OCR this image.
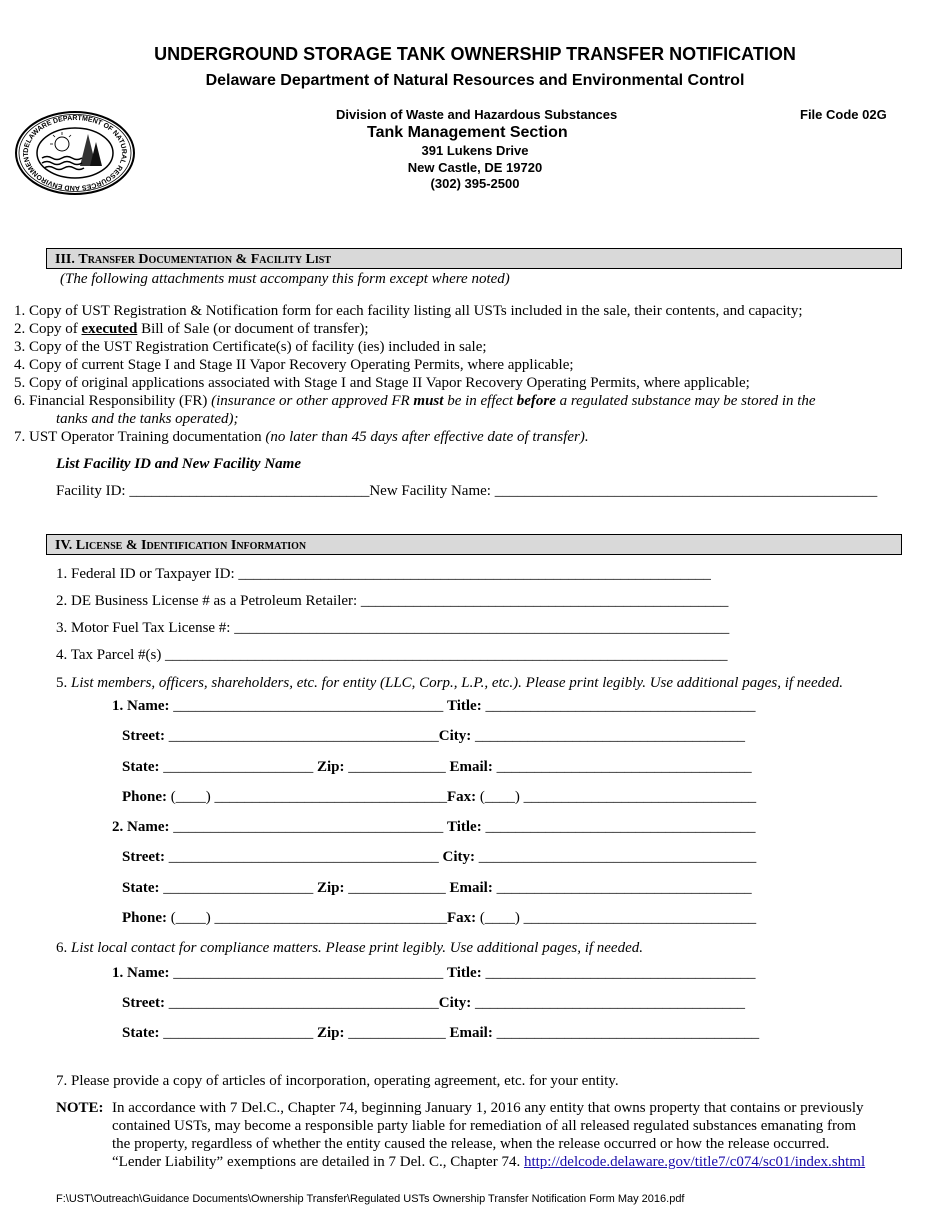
UNDERGROUND STORAGE TANK OWNERSHIP TRANSFER NOTIFICATION
Delaware Department of Natural Resources and Environmental Control
DELAWARE DEPARTMENT OF NATURAL RESOURCES AND ENVIRONMENT
Division of Waste and Hazardous Substances	File Code 02G
Tank Management Section
391 Lukens Drive
New Castle, DE 19720
(302) 395-2500
III. Transfer Documentation & Facility List
(The following attachments must accompany this form except where noted)
1. Copy of UST Registration & Notification form for each facility listing all USTs included in the sale, their contents, and capacity;
2. Copy of executed Bill of Sale (or document of transfer);
3. Copy of the UST Registration Certificate(s) of facility (ies) included in sale;
4. Copy of current Stage I and Stage II Vapor Recovery Operating Permits, where applicable;
5. Copy of original applications associated with Stage I and Stage II Vapor Recovery Operating Permits, where applicable;
6. Financial Responsibility (FR) (insurance or other approved FR must be in effect before a regulated substance may be stored in the
tanks and the tanks operated);
7. UST Operator Training documentation (no later than 45 days after effective date of transfer).
List Facility ID and New Facility Name
Facility ID: ________________________________New Facility Name: ___________________________________________________
IV. License & Identification Information
1. Federal ID or Taxpayer ID: _______________________________________________________________
2. DE Business License # as a Petroleum Retailer: _________________________________________________
3. Motor Fuel Tax License #: __________________________________________________________________
4. Tax Parcel #(s) ___________________________________________________________________________
5. List members, officers, shareholders, etc. for entity (LLC, Corp., L.P., etc.). Please print legibly. Use additional pages, if needed.
1. Name: ____________________________________ Title: ____________________________________
Street: ____________________________________City: ____________________________________
State: ____________________ Zip: _____________ Email: __________________________________
Phone: (____) _______________________________Fax: (____) _______________________________
2. Name: ____________________________________ Title: ____________________________________
Street: ____________________________________ City: _____________________________________
State: ____________________ Zip: _____________ Email: __________________________________
Phone: (____) _______________________________Fax: (____) _______________________________
6. List local contact for compliance matters. Please print legibly. Use additional pages, if needed.
1. Name: ____________________________________ Title: ____________________________________
Street: ____________________________________City: ____________________________________
State: ____________________ Zip: _____________ Email: ___________________________________
7. Please provide a copy of articles of incorporation, operating agreement, etc. for your entity.
NOTE: In accordance with 7 Del.C., Chapter 74, beginning January 1, 2016 any entity that owns property that contains or previously
contained USTs, may become a responsible party liable for remediation of all released regulated substances emanating from
the property, regardless of whether the entity caused the release, when the release occurred or how the release occurred.
“Lender Liability” exemptions are detailed in 7 Del. C., Chapter 74. http://delcode.delaware.gov/title7/c074/sc01/index.shtml
F:\UST\Outreach\Guidance Documents\Ownership Transfer\Regulated USTs Ownership Transfer Notification Form May 2016.pdf
